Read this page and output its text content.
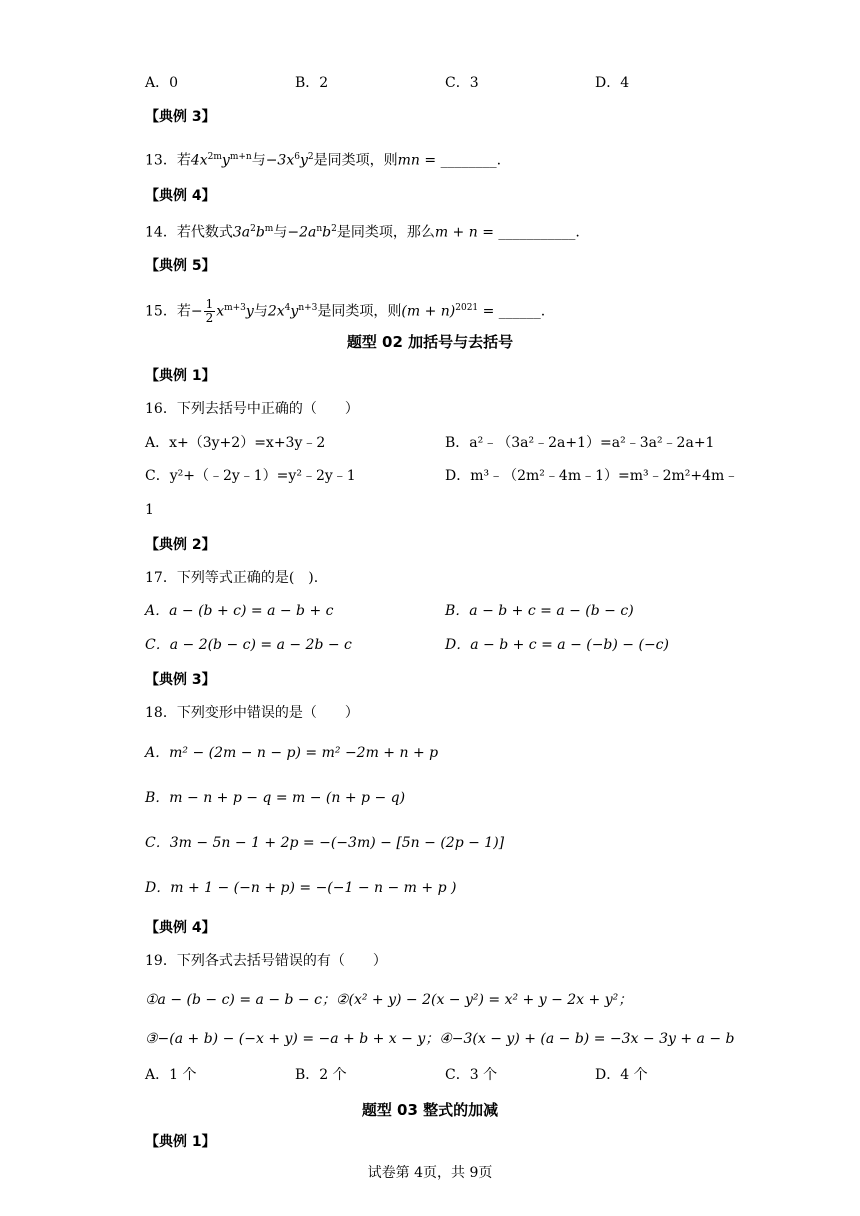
A．0	B．2	C．3	D．4
【典例 3】
13．若$4x^{2m}y^{m+n}$与$-3x^6y^2$是同类项，则mn = ________.
【典例 4】
14．若代数式$3a^2b^m$与$-2a^nb^2$是同类项，那么m + n = ___________.
【典例 5】
15．若− $\frac{1}{2} x^{m+3}y$与$2x^4y^{n+3}$是同类项，则$(m + n)^{2021}$ = ______.
题型 02 加括号与去括号
【典例 1】
16．下列去括号中正确的（　　）
A．x+（3y+2）=x+3y﹣2	B．a²﹣（3a²﹣2a+1）=a²﹣3a²﹣2a+1
C．y²+（﹣2y﹣1）=y²﹣2y﹣1	D．m³﹣（2m²﹣4m﹣1）=m³﹣2m²+4m﹣
1
【典例 2】
17．下列等式正确的是(　).
A．a − (b + c) = a − b + c	B．a − b + c = a − (b − c)
C．a − 2(b − c) = a − 2b − c	D．a − b + c = a − (−b) − (−c)
【典例 3】
18．下列变形中错误的是（　　）
A．m² − (2m − n − p) = m² −2m + n + p
B．m − n + p − q = m − (n + p − q)
C．3m − 5n − 1 + 2p = −(−3m) − [5n − (2p − 1)]
D．m + 1 − (−n + p) = −(−1 − n − m + p )
【典例 4】
19．下列各式去括号错误的有（　　）
①a − (b − c) = a − b − c；②(x² + y) − 2(x − y²) = x² + y − 2x + y²；
③−(a + b) − (−x + y) = −a + b + x − y；④−3(x − y) + (a − b) = −3x − 3y + a − b
A．1 个	B．2 个	C．3 个	D．4 个
题型 03 整式的加减
【典例 1】
试卷第 4页，共 9页
